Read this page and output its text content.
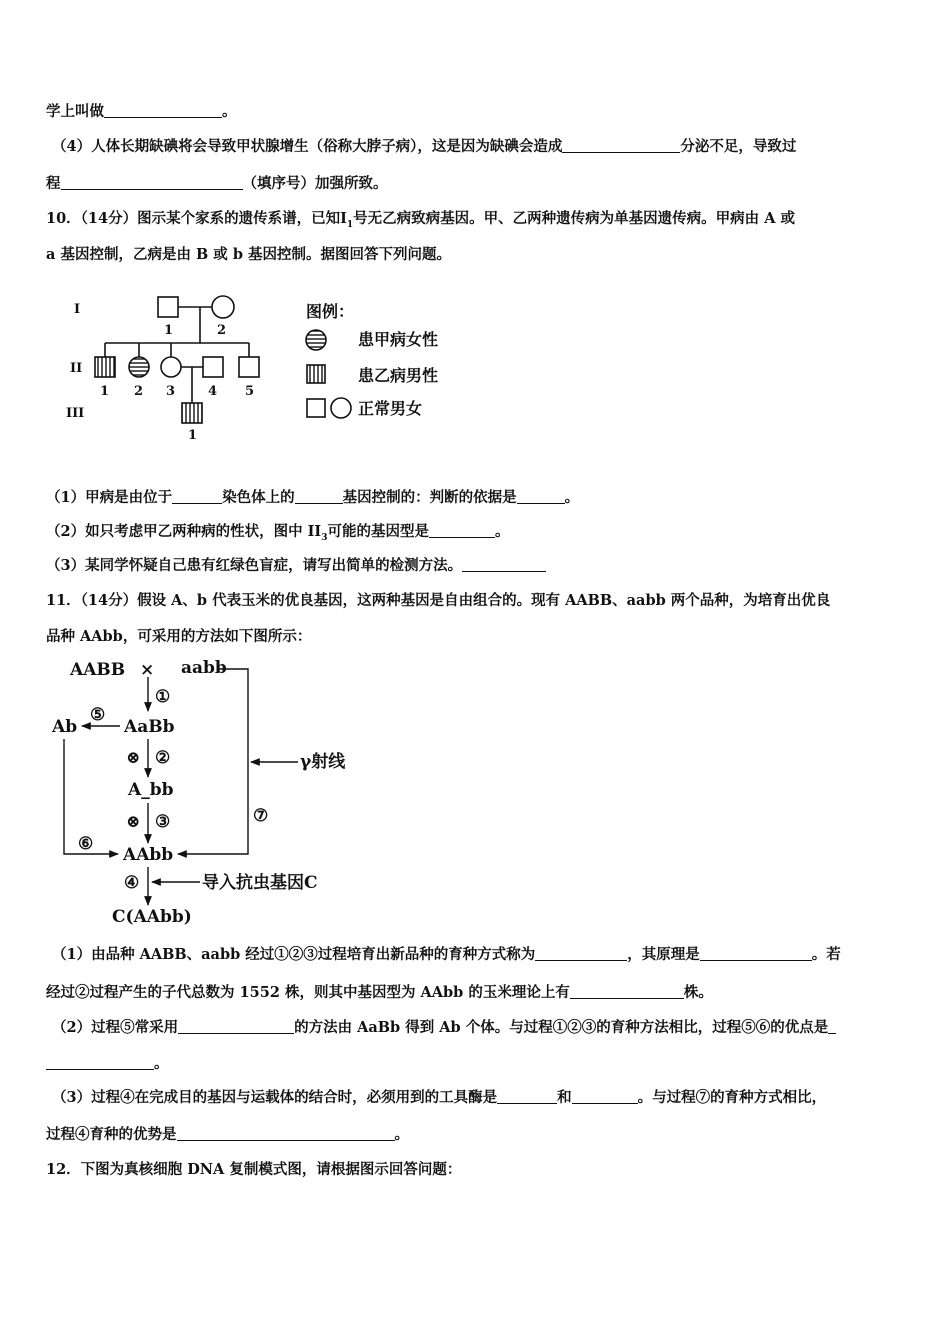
学上叫做	。
（4）人体长期缺碘将会导致甲状腺增生（俗称大脖子病），这是因为缺碘会造成	分泌不足，导致过
程	（填序号）加强所致。
10．（14分）图示某个家系的遗传系谱，已知$Ⅰ_1$号无乙病致病基因。甲、乙两种遗传病为单基因遗传病。甲病由 A 或
a 基因控制，乙病是由 B 或 b 基因控制。据图回答下列问题。
I
II
III
1	2
1 2 3	4 5
1
图例：
患甲病女性
患乙病男性
正常男女
（1）甲病是由位于	染色体上的	基因控制的：判断的依据是	。
（2）如只考虑甲乙两种病的性状，图中 $II_3$可能的基因型是	。
（3）某同学怀疑自己患有红绿色盲症，请写出简单的检测方法。
11．（14分）假设 A、b 代表玉米的优良基因，这两种基因是自由组合的。现有 AABB、aabb 两个品种，为培育出优良
品种 AAbb，可采用的方法如下图所示：
AABB × aabb
①
AaBb
⑤
Ab
⊗ ②
A_bb
⊗ ③
⑥
⑦
AAbb
γ射线
④	导入抗虫基因C
C(AAbb)
（1）由品种 AABB、aabb 经过①②③过程培育出新品种的育种方式称为	，其原理是	。若
经过②过程产生的子代总数为 1552 株，则其中基因型为 AAbb 的玉米理论上有	株。
（2）过程⑤常采用	的方法由 AaBb 得到 Ab 个体。与过程①②③的育种方法相比，过程⑤⑥的优点是
。
（3）过程④在完成目的基因与运载体的结合时，必须用到的工具酶是	和	。与过程⑦的育种方式相比，
过程④育种的优势是	。
12．下图为真核细胞 DNA 复制模式图，请根据图示回答问题：
